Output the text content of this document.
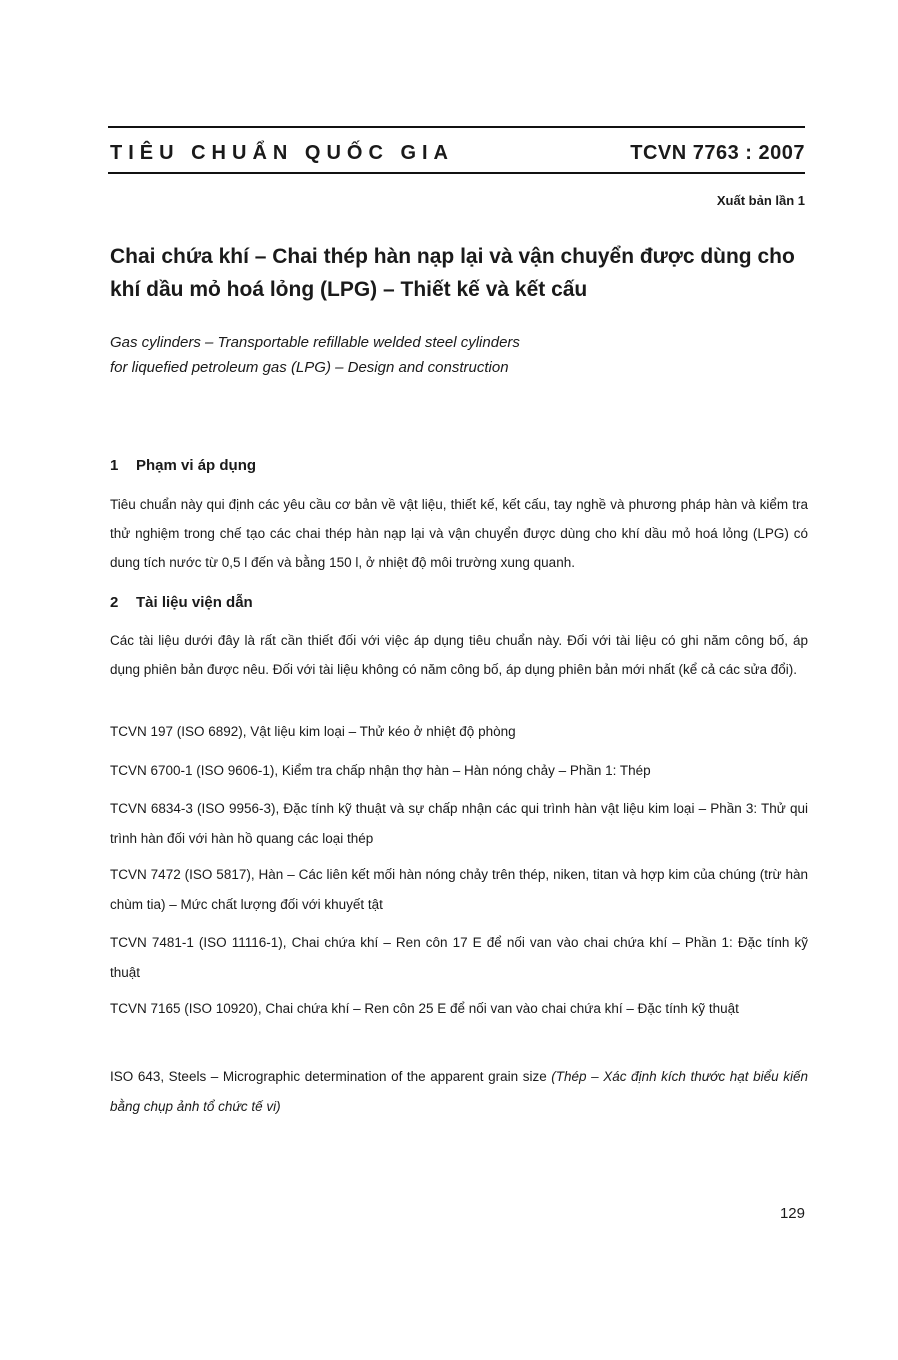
TIÊU CHUẨN QUỐC GIA	TCVN 7763 : 2007
Xuất bản lần 1
Chai chứa khí – Chai thép hàn nạp lại và vận chuyển được dùng cho khí dầu mỏ hoá lỏng (LPG) – Thiết kế và kết cấu
Gas cylinders – Transportable refillable welded steel cylinders
for liquefied petroleum gas (LPG) – Design and construction
1 Phạm vi áp dụng
Tiêu chuẩn này qui định các yêu cầu cơ bản về vật liệu, thiết kế, kết cấu, tay nghề và phương pháp hàn và kiểm tra thử nghiệm trong chế tạo các chai thép hàn nạp lại và vận chuyển được dùng cho khí dầu mỏ hoá lỏng (LPG) có dung tích nước từ 0,5 l đến và bằng 150 l, ở nhiệt độ môi trường xung quanh.
2 Tài liệu viện dẫn
Các tài liệu dưới đây là rất cần thiết đối với việc áp dụng tiêu chuẩn này. Đối với tài liệu có ghi năm công bố, áp dụng phiên bản được nêu. Đối với tài liệu không có năm công bố, áp dụng phiên bản mới nhất (kể cả các sửa đổi).
TCVN 197 (ISO 6892), Vật liệu kim loại – Thử kéo ở nhiệt độ phòng
TCVN 6700-1 (ISO 9606-1), Kiểm tra chấp nhận thợ hàn – Hàn nóng chảy – Phần 1: Thép
TCVN 6834-3 (ISO 9956-3), Đặc tính kỹ thuật và sự chấp nhận các qui trình hàn vật liệu kim loại – Phần 3: Thử qui trình hàn đối với hàn hồ quang các loại thép
TCVN 7472 (ISO 5817), Hàn – Các liên kết mối hàn nóng chảy trên thép, niken, titan và hợp kim của chúng (trừ hàn chùm tia) – Mức chất lượng đối với khuyết tật
TCVN 7481-1 (ISO 11116-1), Chai chứa khí – Ren côn 17 E để nối van vào chai chứa khí – Phần 1: Đặc tính kỹ thuật
TCVN 7165 (ISO 10920), Chai chứa khí – Ren côn 25 E để nối van vào chai chứa khí – Đặc tính kỹ thuật
ISO 643, Steels – Micrographic determination of the apparent grain size (Thép – Xác định kích thước hạt biểu kiến bằng chụp ảnh tổ chức tế vi)
129
